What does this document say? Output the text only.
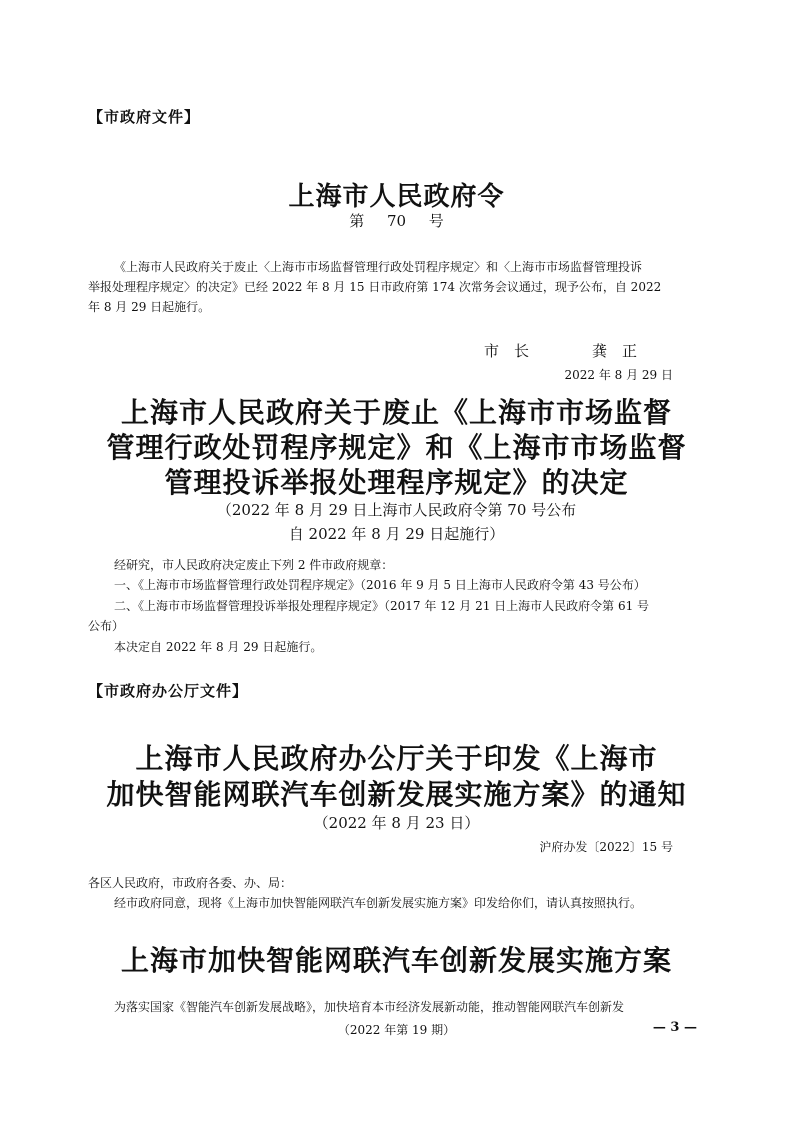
【市政府文件】
上海市人民政府令
第 70 号
《上海市人民政府关于废止〈上海市市场监督管理行政处罚程序规定〉和〈上海市市场监督管理投诉
举报处理程序规定〉的决定》已经 2022 年 8 月 15 日市政府第 174 次常务会议通过，现予公布，自 2022
年 8 月 29 日起施行。
市　长	龚　正
2022 年 8 月 29 日
上海市人民政府关于废止《上海市市场监督
管理行政处罚程序规定》和《上海市市场监督
管理投诉举报处理程序规定》的决定
（2022 年 8 月 29 日上海市人民政府令第 70 号公布
自 2022 年 8 月 29 日起施行）
经研究，市人民政府决定废止下列 2 件市政府规章：
一、《上海市市场监督管理行政处罚程序规定》（2016 年 9 月 5 日上海市人民政府令第 43 号公布）
二、《上海市市场监督管理投诉举报处理程序规定》（2017 年 12 月 21 日上海市人民政府令第 61 号
公布）
本决定自 2022 年 8 月 29 日起施行。
【市政府办公厅文件】
上海市人民政府办公厅关于印发《上海市
加快智能网联汽车创新发展实施方案》的通知
（2022 年 8 月 23 日）
沪府办发〔2022〕15 号
各区人民政府，市政府各委、办、局：
经市政府同意，现将《上海市加快智能网联汽车创新发展实施方案》印发给你们，请认真按照执行。
上海市加快智能网联汽车创新发展实施方案
为落实国家《智能汽车创新发展战略》，加快培育本市经济发展新动能，推动智能网联汽车创新发
（2022 年第 19 期）	— 3 —
